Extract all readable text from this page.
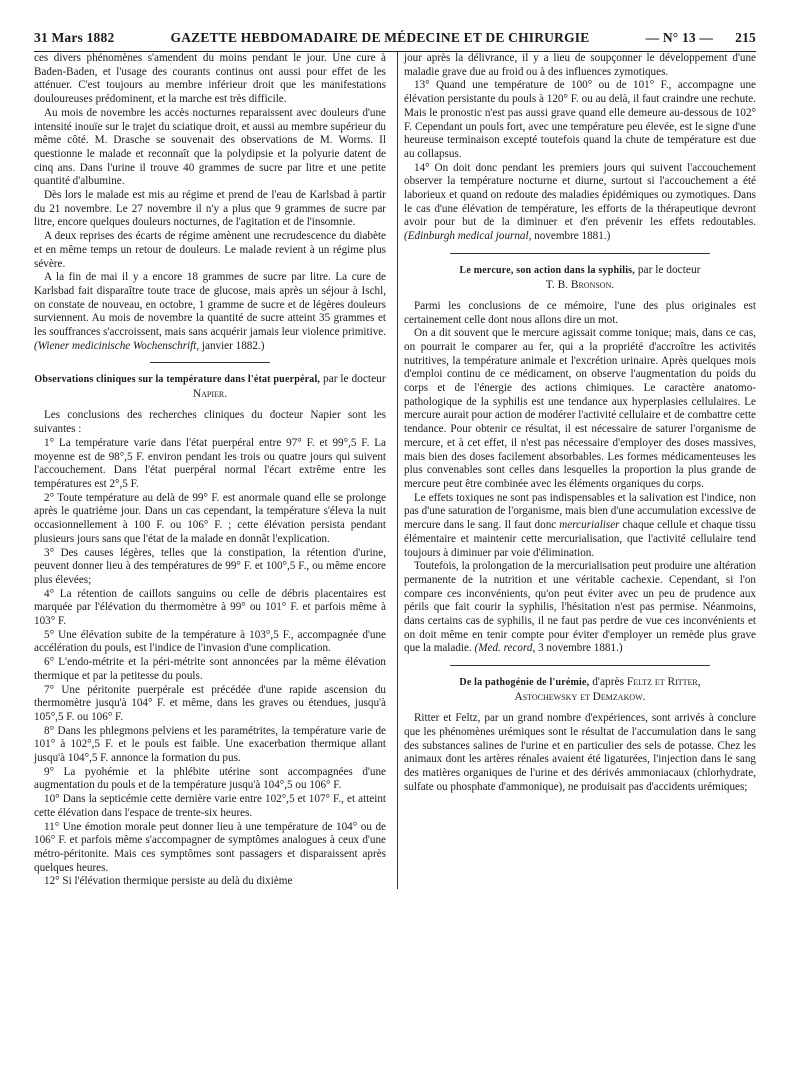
31 Mars 1882	GAZETTE HEBDOMADAIRE DE MÉDECINE ET DE CHIRURGIE	— N° 13 — 215

ces divers phénomènes s'amendent du moins pendant le jour. Une cure à Baden-Baden, et l'usage des courants continus ont aussi pour effet de les atténuer. C'est toujours au membre inférieur droit que les manifestations douloureuses prédominent, et la marche est très difficile.

Au mois de novembre les accès nocturnes reparaissent avec douleurs d'une intensité inouïe sur le trajet du sciatique droit, et aussi au membre supérieur du même côté. M. Drasche se souvenait des observations de M. Worms. Il questionne le malade et reconnaît que la polydipsie et la polyurie datent de cinq ans. Dans l'urine il trouve 40 grammes de sucre par litre et une petite quantité d'albumine.

Dès lors le malade est mis au régime et prend de l'eau de Karlsbad à partir du 21 novembre. Le 27 novembre il n'y a plus que 9 grammes de sucre par litre, encore quelques douleurs nocturnes, de l'agitation et de l'insomnie.

A deux reprises des écarts de régime amènent une recrudescence du diabète et en même temps un retour de douleurs. Le malade revient à un régime plus sévère.

A la fin de mai il y a encore 18 grammes de sucre par litre. La cure de Karlsbad fait disparaître toute trace de glucose, mais après un séjour à Ischl, on constate de nouveau, en octobre, 1 gramme de sucre et de légères douleurs surviennent. Au mois de novembre la quantité de sucre atteint 35 grammes et les souffrances s'accroissent, mais sans acquérir jamais leur violence primitive. (Wiener medicinische Wochenschrift, janvier 1882.)

Observations cliniques sur la température dans l'état puerpéral, par le docteur Napier.

Les conclusions des recherches cliniques du docteur Napier sont les suivantes :

1° La température varie dans l'état puerpéral entre 97° F. et 99°,5 F. La moyenne est de 98°,5 F. environ pendant les trois ou quatre jours qui suivent l'accouchement. Dans l'état puerpéral normal l'écart extrême entre les températures est 2°,5 F.

2° Toute température au delà de 99° F. est anormale quand elle se prolonge après le quatrième jour. Dans un cas cependant, la température s'éleva la nuit occasionnellement à 100 F. ou 106° F. ; cette élévation persista pendant plusieurs jours sans que l'état de la malade en donnât l'explication.

3° Des causes légères, telles que la constipation, la rétention d'urine, peuvent donner lieu à des températures de 99° F. et 100°,5 F., ou même encore plus élevées;

4° La rétention de caillots sanguins ou celle de débris placentaires est marquée par l'élévation du thermomètre à 99° ou 101° F. et parfois même à 103° F.

5° Une élévation subite de la température à 103°,5 F., accompagnée d'une accélération du pouls, est l'indice de l'invasion d'une complication.

6° L'endo-métrite et la péri-métrite sont annoncées par la même élévation thermique et par la petitesse du pouls.

7° Une péritonite puerpérale est précédée d'une rapide ascension du thermomètre jusqu'à 104° F. et même, dans les graves ou étendues, jusqu'à 105°,5 F. ou 106° F.

8° Dans les phlegmons pelviens et les paramétrites, la température varie de 101° à 102°,5 F. et le pouls est faible. Une exacerbation thermique allant jusqu'à 104°,5 F. annonce la formation du pus.

9° La pyohémie et la phlébite utérine sont accompagnées d'une augmentation du pouls et de la température jusqu'à 104°,5 ou 106° F.

10° Dans la septicémie cette dernière varie entre 102°,5 et 107° F., et atteint cette élévation dans l'espace de trente-six heures.

11° Une émotion morale peut donner lieu à une température de 104° ou de 106° F. et parfois même s'accompagner de symptômes analogues à ceux d'une métro-péritonite. Mais ces symptômes sont passagers et disparaissent après quelques heures.

12° Si l'élévation thermique persiste au delà du dixième

jour après la délivrance, il y a lieu de soupçonner le développement d'une maladie grave due au froid ou à des influences zymotiques.

13° Quand une température de 100° ou de 101° F., accompagne une élévation persistante du pouls à 120° F. ou au delà, il faut craindre une rechute. Mais le pronostic n'est pas aussi grave quand elle demeure au-dessous de 102° F. Cependant un pouls fort, avec une température peu élevée, est le signe d'une heureuse terminaison excepté toutefois quand la chute de température est due au collapsus.

14° On doit donc pendant les premiers jours qui suivent l'accouchement observer la température nocturne et diurne, surtout si l'accouchement a été laborieux et quand on redoute des maladies épidémiques ou zymotiques. Dans le cas d'une élévation de température, les efforts de la thérapeutique devront avoir pour but de la diminuer et d'en prévenir les effets redoutables. (Edinburgh medical journal, novembre 1881.)

Le mercure, son action dans la syphilis, par le docteur
T. B. Bronson.

Parmi les conclusions de ce mémoire, l'une des plus originales est certainement celle dont nous allons dire un mot.

On a dit souvent que le mercure agissait comme tonique; mais, dans ce cas, on pourrait le comparer au fer, qui a la propriété d'accroître les activités nutritives, la température animale et l'excrétion urinaire. Après quelques mois d'emploi continu de ce médicament, on observe l'augmentation du poids du corps et de l'énergie des actions chimiques. Le caractère anatomo-pathologique de la syphilis est une tendance aux hyperplasies cellulaires. Le mercure aurait pour action de modérer l'activité cellulaire et de combattre cette tendance. Pour obtenir ce résultat, il est nécessaire de saturer l'organisme de mercure, et à cet effet, il n'est pas nécessaire d'employer des doses massives, mais bien des doses facilement absorbables. Les formes médicamenteuses les plus convenables sont celles dans lesquelles la proportion la plus grande de mercure peut être combinée avec les éléments organiques du corps.

Le effets toxiques ne sont pas indispensables et la salivation est l'indice, non pas d'une saturation de l'organisme, mais bien d'une accumulation excessive de mercure dans le sang. Il faut donc mercurialiser chaque cellule et chaque tissu élémentaire et maintenir cette mercurialisation, que l'activité cellulaire tend toujours à diminuer par voie d'élimination.

Toutefois, la prolongation de la mercurialisation peut produire une altération permanente de la nutrition et une véritable cachexie. Cependant, si l'on compare ces inconvénients, qu'on peut éviter avec un peu de prudence aux périls que fait courir la syphilis, l'hésitation n'est pas permise. Néanmoins, dans certains cas de syphilis, il ne faut pas perdre de vue ces inconvénients et on doit même en tenir compte pour éviter d'employer un remède plus grave que la maladie. (Med. record, 3 novembre 1881.)

De la pathogénie de l'urémie, d'après Feltz et Ritter,
Astochewsky et Demzakow.

Ritter et Feltz, par un grand nombre d'expériences, sont arrivés à conclure que les phénomènes urémiques sont le résultat de l'accumulation dans le sang des substances salines de l'urine et en particulier des sels de potasse. Chez les animaux dont les artères rénales avaient été ligaturées, l'injection dans le sang des matières organiques de l'urine et des dérivés ammoniacaux (chlorhydrate, sulfate ou phosphate d'ammonique), ne produisait pas d'accidents urémiques;
